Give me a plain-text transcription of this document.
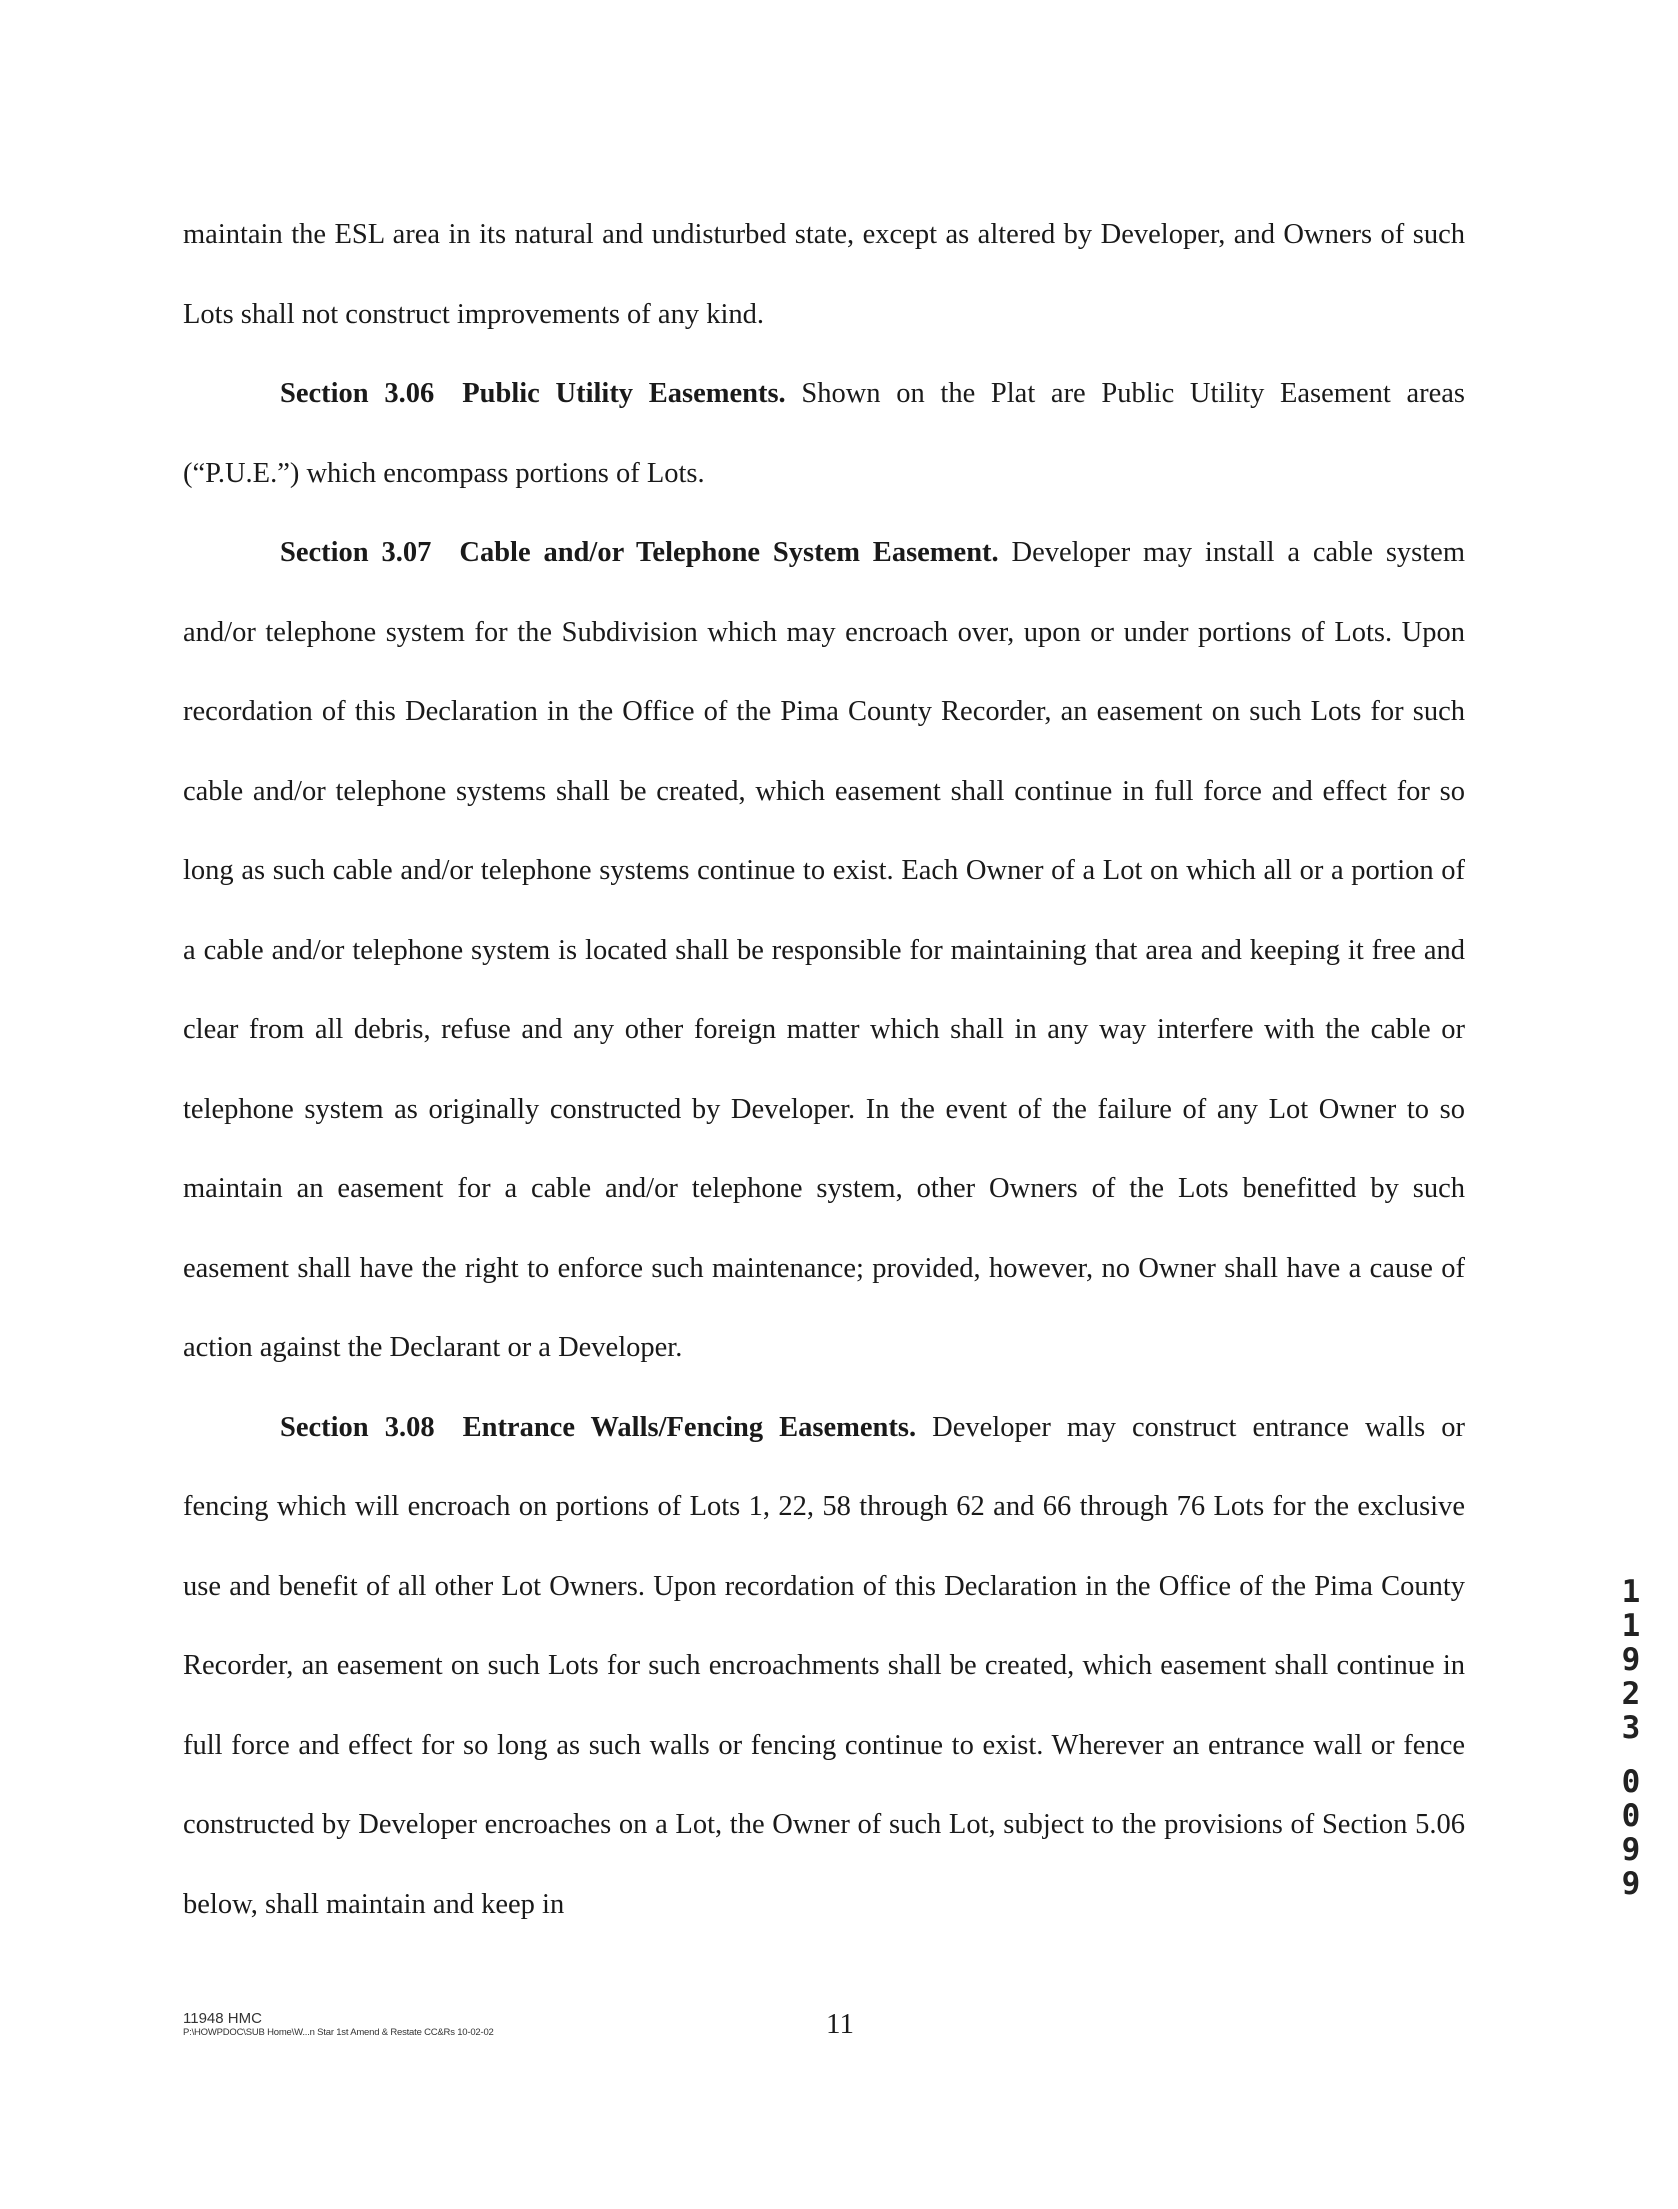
maintain the ESL area in its natural and undisturbed state, except as altered by Developer, and Owners of such Lots shall not construct improvements of any kind.

Section 3.06 Public Utility Easements. Shown on the Plat are Public Utility Easement areas (“P.U.E.”) which encompass portions of Lots.

Section 3.07 Cable and/or Telephone System Easement. Developer may install a cable system and/or telephone system for the Subdivision which may encroach over, upon or under portions of Lots. Upon recordation of this Declaration in the Office of the Pima County Recorder, an easement on such Lots for such cable and/or telephone systems shall be created, which easement shall continue in full force and effect for so long as such cable and/or telephone systems continue to exist. Each Owner of a Lot on which all or a portion of a cable and/or telephone system is located shall be responsible for maintaining that area and keeping it free and clear from all debris, refuse and any other foreign matter which shall in any way interfere with the cable or telephone system as originally constructed by Developer. In the event of the failure of any Lot Owner to so maintain an easement for a cable and/or telephone system, other Owners of the Lots benefitted by such easement shall have the right to enforce such maintenance; provided, however, no Owner shall have a cause of action against the Declarant or a Developer.

Section 3.08 Entrance Walls/Fencing Easements. Developer may construct entrance walls or fencing which will encroach on portions of Lots 1, 22, 58 through 62 and 66 through 76 Lots for the exclusive use and benefit of all other Lot Owners. Upon recordation of this Declaration in the Office of the Pima County Recorder, an easement on such Lots for such encroachments shall be created, which easement shall continue in full force and effect for so long as such walls or fencing continue to exist. Wherever an entrance wall or fence constructed by Developer encroaches on a Lot, the Owner of such Lot, subject to the provisions of Section 5.06 below, shall maintain and keep in

1
1
9
2
3
0
0
9
9
11948 HMC
P:\HOWPDOC\SUB Home\W...n Star 1st Amend & Restate CC&Rs 10-02-02	11
